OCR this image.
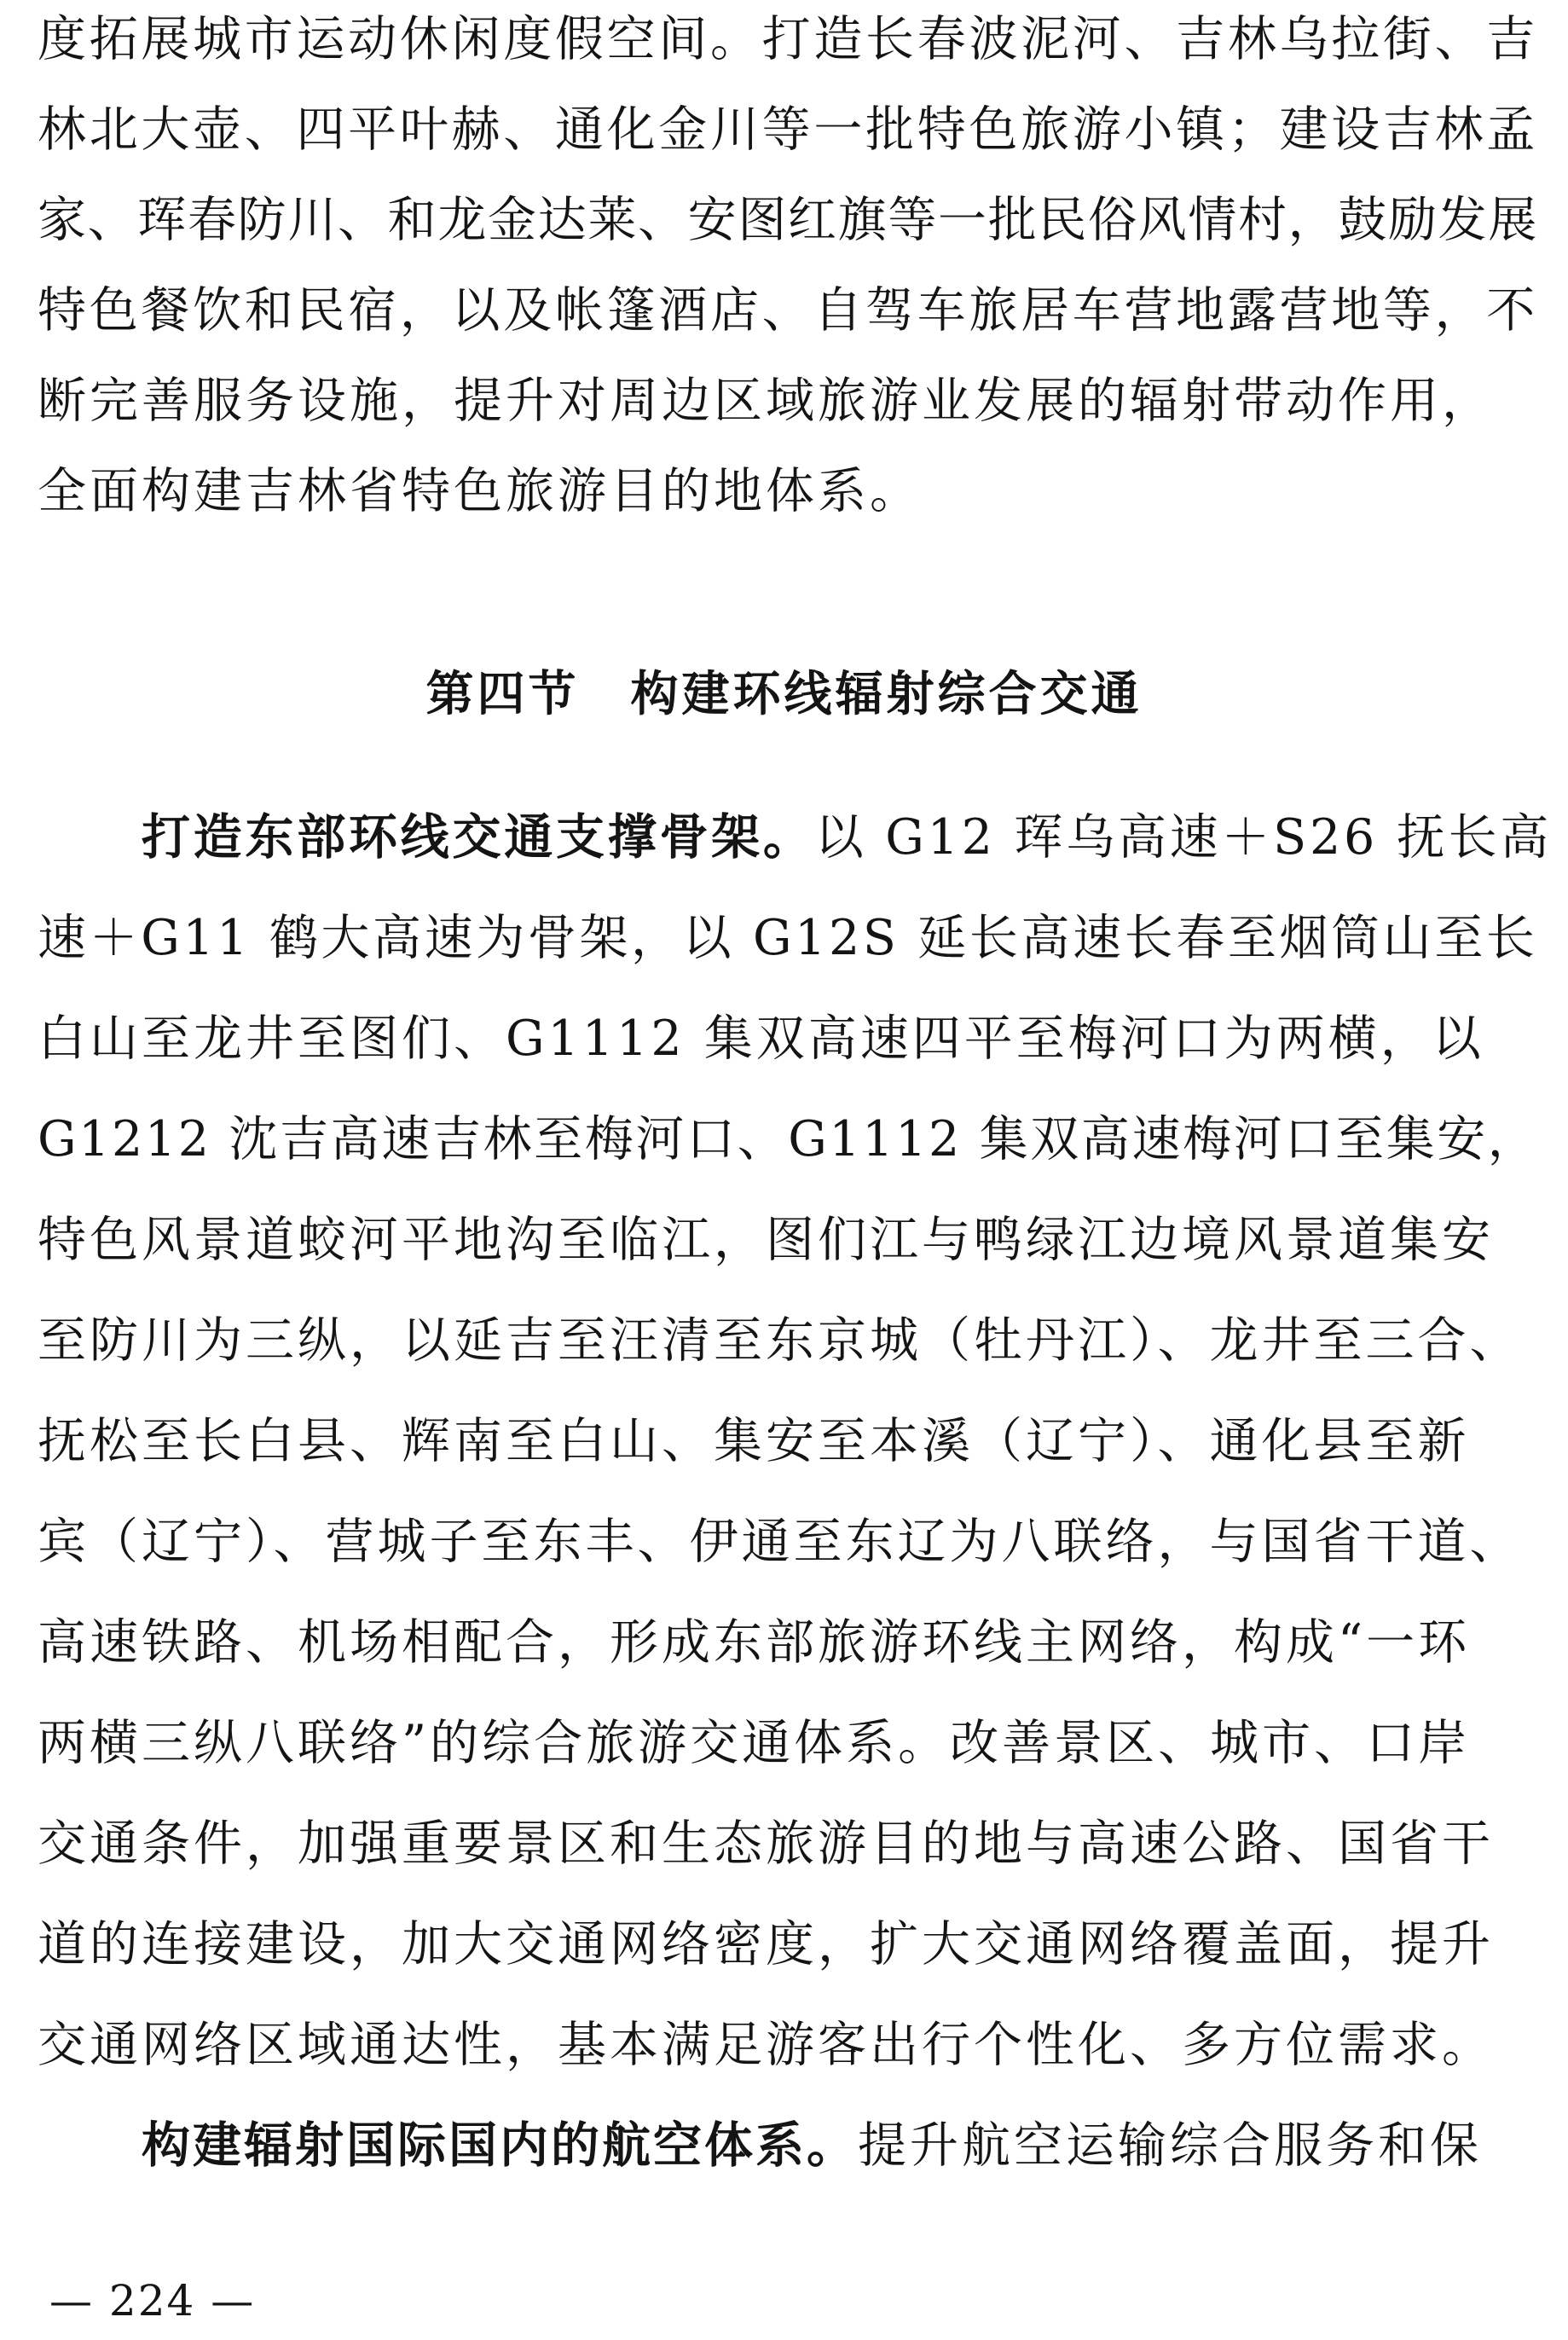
度拓展城市运动休闲度假空间。打造长春波泥河、吉林乌拉街、吉
林北大壶、四平叶赫、通化金川等一批特色旅游小镇；建设吉林孟
家、珲春防川、和龙金达莱、安图红旗等一批民俗风情村，鼓励发展
特色餐饮和民宿，以及帐篷酒店、自驾车旅居车营地露营地等，不
断完善服务设施，提升对周边区域旅游业发展的辐射带动作用，
全面构建吉林省特色旅游目的地体系。
第四节　构建环线辐射综合交通
打造东部环线交通支撑骨架。以 G12 珲乌高速＋S26 抚长高
速＋G11 鹤大高速为骨架，以 G12S 延长高速长春至烟筒山至长
白山至龙井至图们、G1112 集双高速四平至梅河口为两横，以
G1212 沈吉高速吉林至梅河口、G1112 集双高速梅河口至集安，
特色风景道蛟河平地沟至临江，图们江与鸭绿江边境风景道集安
至防川为三纵，以延吉至汪清至东京城（牡丹江）、龙井至三合、
抚松至长白县、辉南至白山、集安至本溪（辽宁）、通化县至新
宾（辽宁）、营城子至东丰、伊通至东辽为八联络，与国省干道、
高速铁路、机场相配合，形成东部旅游环线主网络，构成“一环
两横三纵八联络”的综合旅游交通体系。改善景区、城市、口岸
交通条件，加强重要景区和生态旅游目的地与高速公路、国省干
道的连接建设，加大交通网络密度，扩大交通网络覆盖面，提升
交通网络区域通达性，基本满足游客出行个性化、多方位需求。
构建辐射国际国内的航空体系。提升航空运输综合服务和保
— 224 —
